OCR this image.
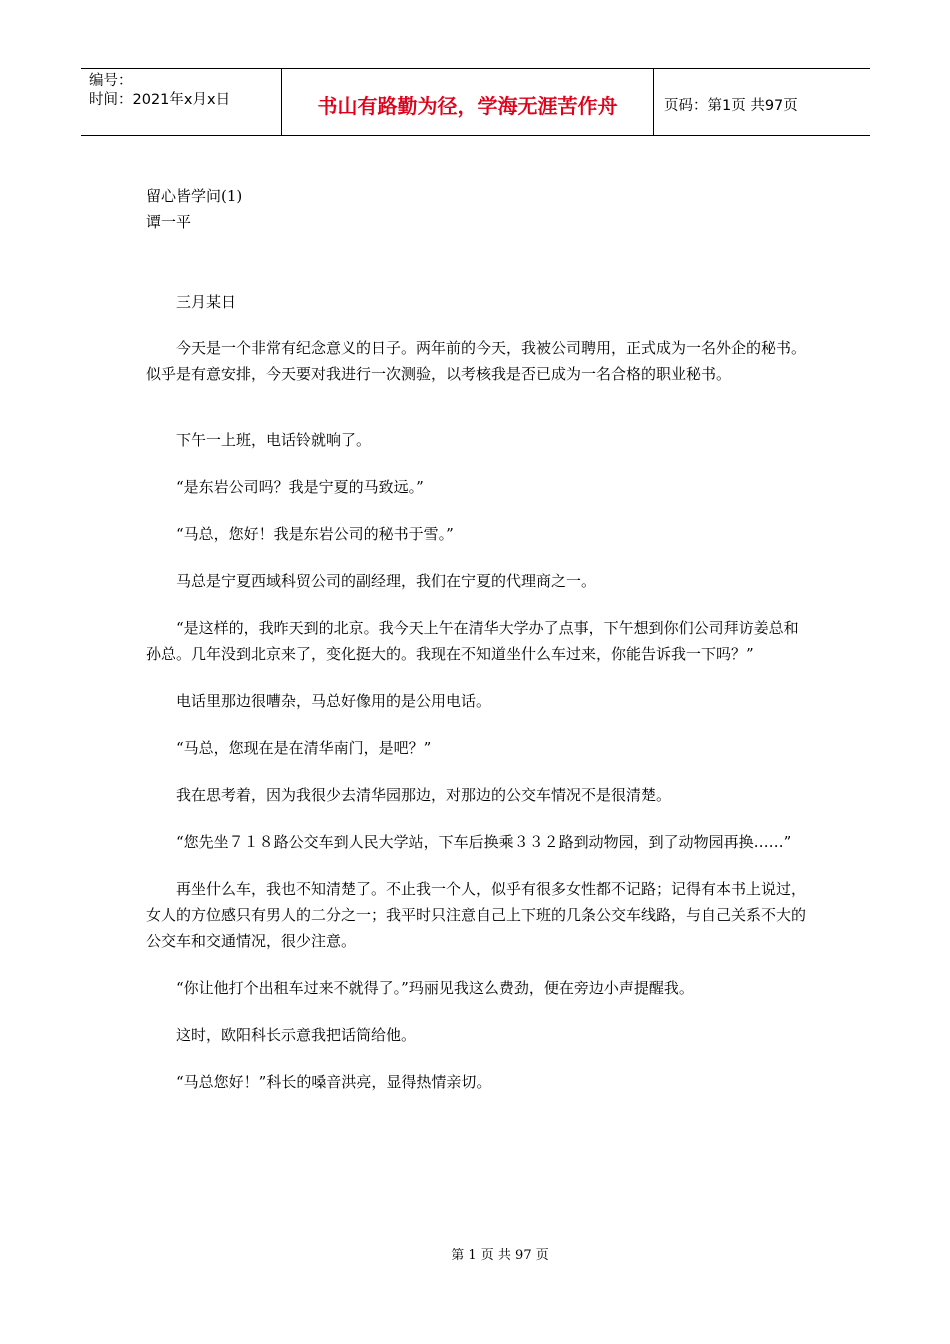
编号：
时间：2021年x月x日	书山有路勤为径，学海无涯苦作舟	页码：第1页 共97页
留心皆学问(1)
谭一平

三月某日

今天是一个非常有纪念意义的日子。两年前的今天，我被公司聘用，正式成为一名外企的秘书。似乎是有意安排，今天要对我进行一次测验，以考核我是否已成为一名合格的职业秘书。

下午一上班，电话铃就响了。

“是东岩公司吗？我是宁夏的马致远。”

“马总，您好！我是东岩公司的秘书于雪。”

马总是宁夏西域科贸公司的副经理，我们在宁夏的代理商之一。

“是这样的，我昨天到的北京。我今天上午在清华大学办了点事，下午想到你们公司拜访姜总和孙总。几年没到北京来了，变化挺大的。我现在不知道坐什么车过来，你能告诉我一下吗？”

电话里那边很嘈杂，马总好像用的是公用电话。

“马总，您现在是在清华南门，是吧？”

我在思考着，因为我很少去清华园那边，对那边的公交车情况不是很清楚。

“您先坐７１８路公交车到人民大学站，下车后换乘３３２路到动物园，到了动物园再换……”

再坐什么车，我也不知清楚了。不止我一个人，似乎有很多女性都不记路；记得有本书上说过，女人的方位感只有男人的二分之一；我平时只注意自己上下班的几条公交车线路，与自己关系不大的公交车和交通情况，很少注意。

“你让他打个出租车过来不就得了。”玛丽见我这么费劲，便在旁边小声提醒我。

这时，欧阳科长示意我把话筒给他。

“马总您好！”科长的嗓音洪亮，显得热情亲切。

第 1 页 共 97 页
